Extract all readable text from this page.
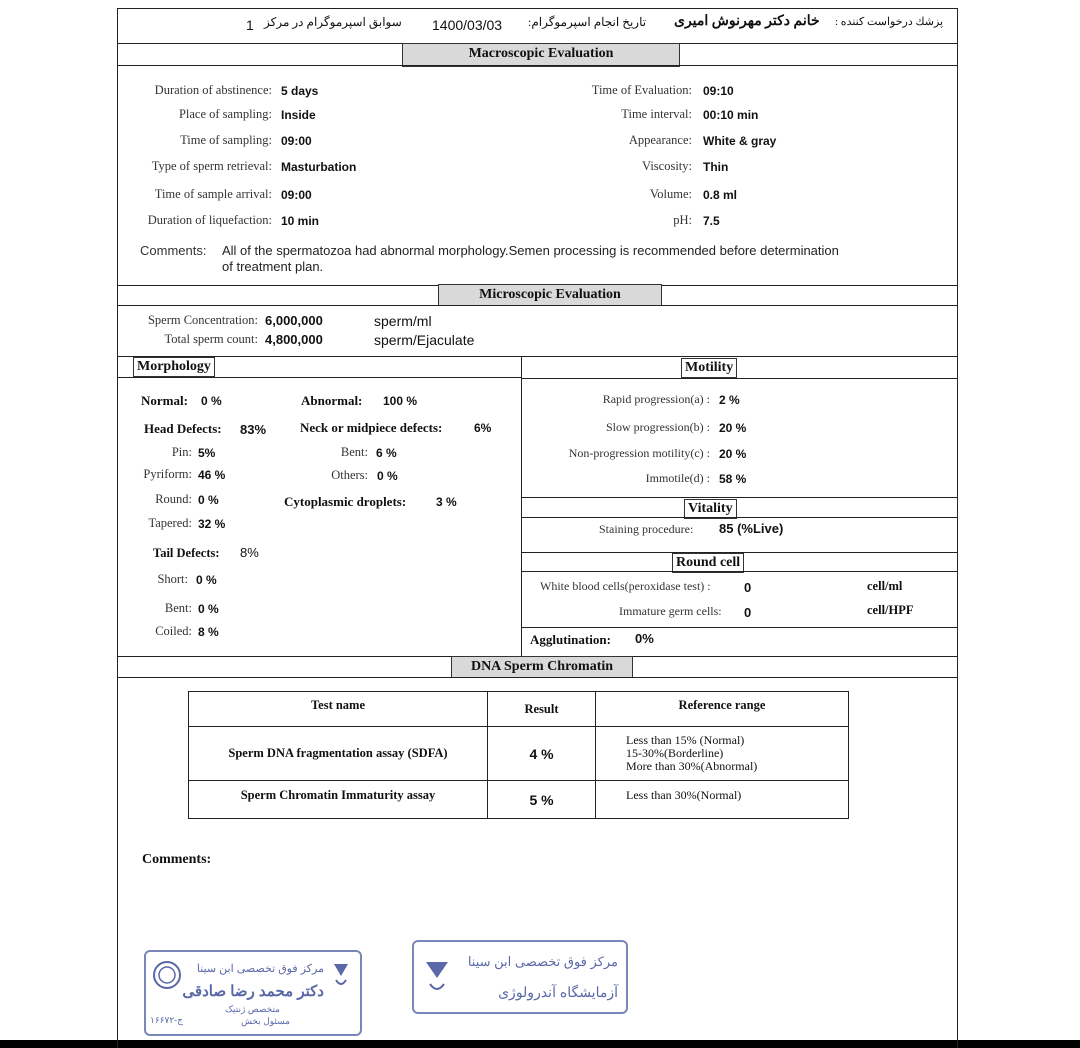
پزشك درخواست كننده :
خانم دکتر مهرنوش امیری
تاریخ انجام اسپرموگرام:
1400/03/03
سوابق اسپرموگرام در مرکز
1
Macroscopic Evaluation
Duration of abstinence: 5 days
Place of sampling: Inside
Time of sampling: 09:00
Type of sperm retrieval: Masturbation
Time of sample arrival: 09:00
Duration of liquefaction: 10 min
Time of Evaluation: 09:10
Time interval: 00:10 min
Appearance: White & gray
Viscosity: Thin
Volume: 0.8 ml
pH: 7.5
Comments: All of the spermatozoa had abnormal morphology.Semen processing is recommended before determination
of treatment plan.
Microscopic Evaluation
Sperm Concentration: 6,000,000	sperm/ml
Total sperm count: 4,800,000	sperm/Ejaculate
Morphology	Motility
Normal: 0 %	Abnormal: 100 %
Head Defects: 83%	Neck or midpiece defects:	6%
Pin: 5%	Bent: 6 %
Pyriform: 46 %	Others: 0 %
Round: 0 %	Cytoplasmic droplets: 3 %
Tapered: 32 %
Tail Defects: 8%
Short: 0 %
Bent: 0 %
Coiled: 8 %
Rapid progression(a) : 2 %
Slow progression(b) : 20 %
Non-progression motility(c) : 20 %
Immotile(d) : 58 %
Vitality
Staining procedure: 85 (%Live)
Round cell
White blood cells(peroxidase test) :	0	cell/ml
Immature germ cells: 0	cell/HPF
Agglutination: 0%
DNA Sperm Chromatin
Test name	Result	Reference range
Sperm DNA fragmentation assay (SDFA)	4 %	Less than 15% (Normal)
15-30%(Borderline)
More than 30%(Abnormal)

Sperm Chromatin Immaturity assay	5 %	Less than 30%(Normal)
Comments:
مرکز فوق تخصصی ابن سینا
دکتر محمد رضا صادقی
متخصص ژنتیک
مسئول بخش
۱۶۶۷۲-ج
مرکز فوق تخصصی ابن سینا
آزمایشگاه آندرولوژی
